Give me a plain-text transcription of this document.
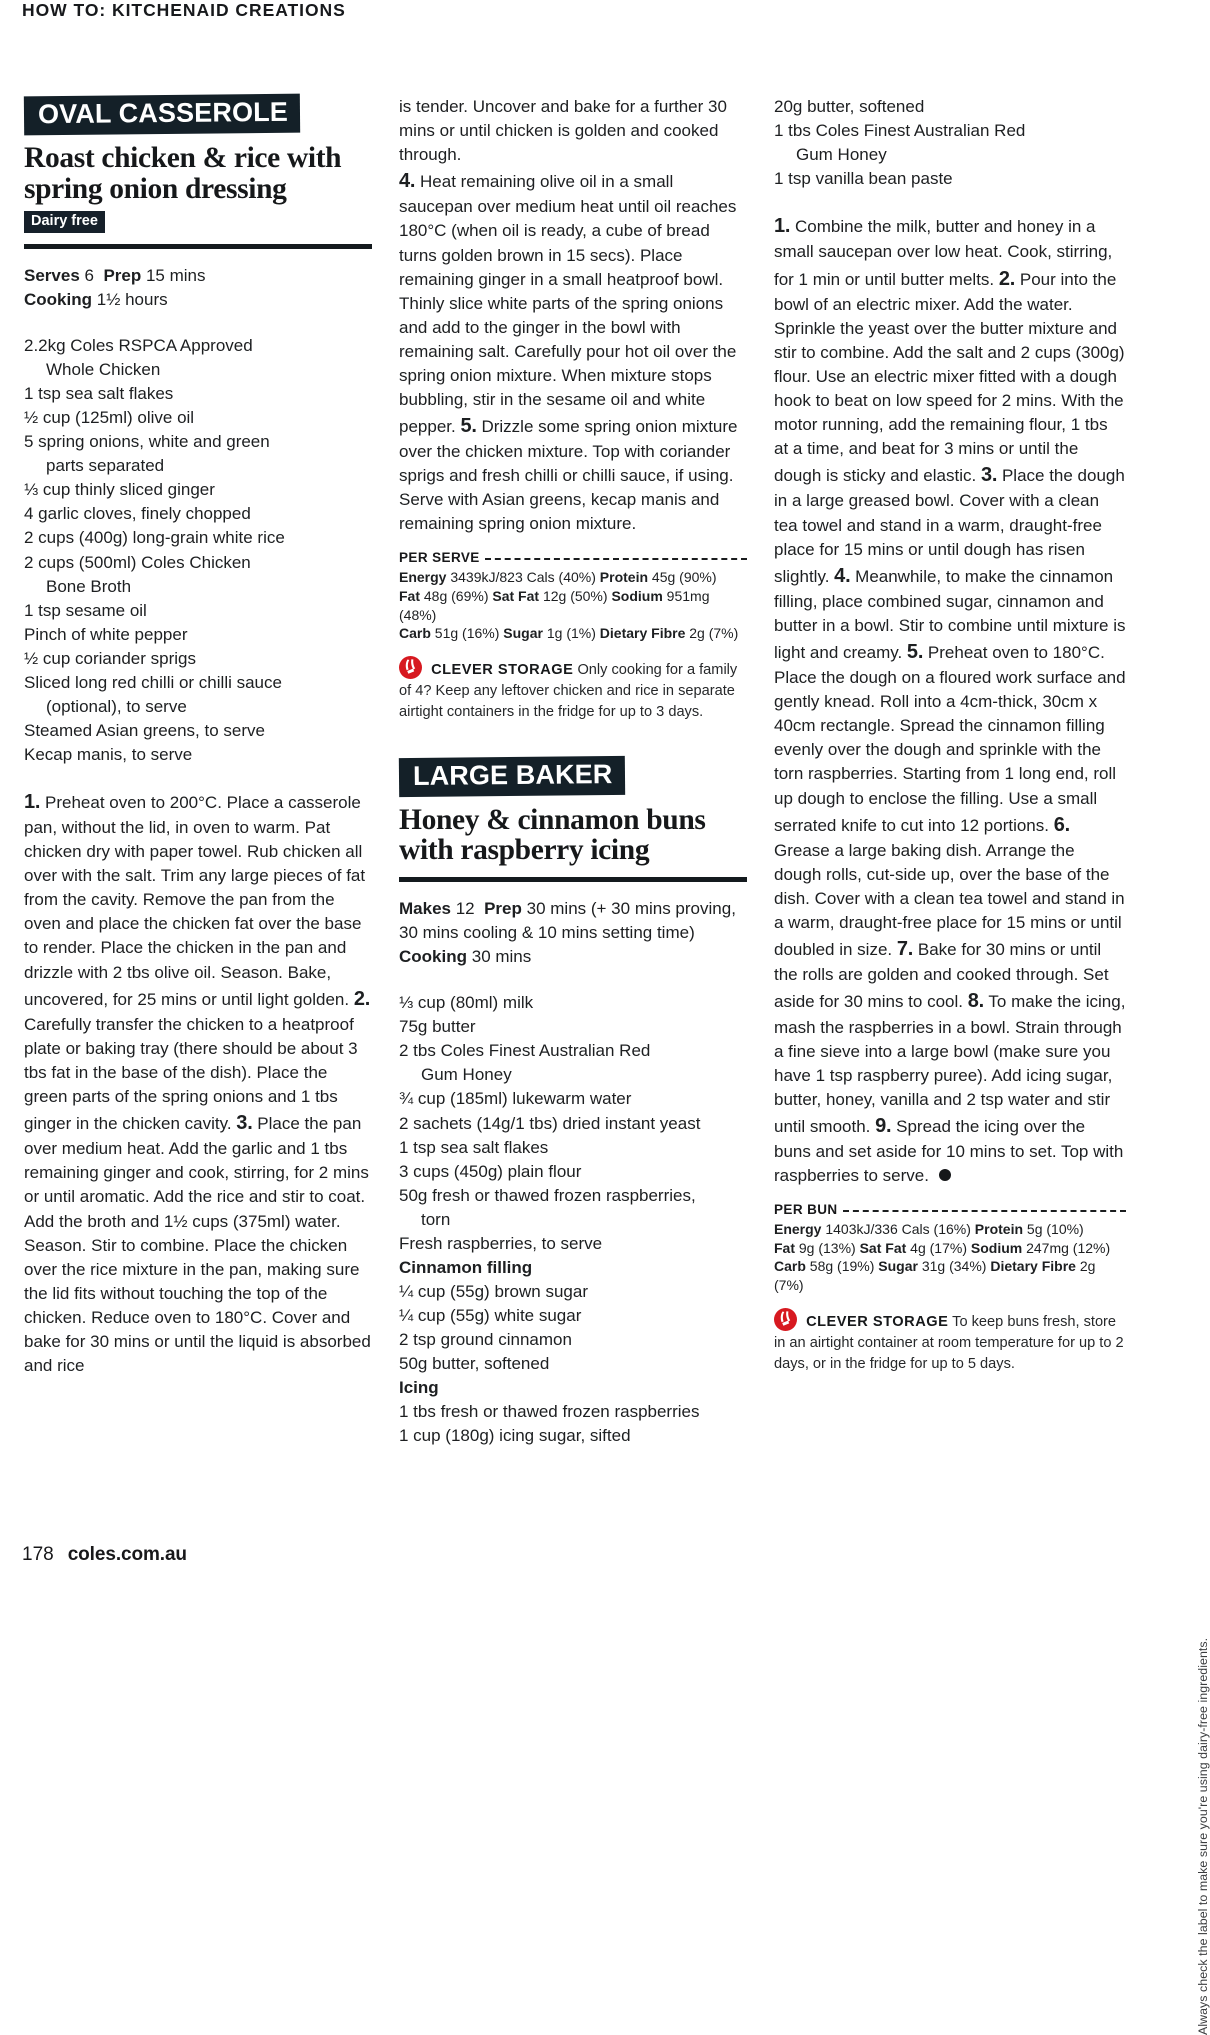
HOW TO: KITCHENAID CREATIONS
OVAL CASSEROLE
Roast chicken & rice with spring onion dressing
Dairy free
Serves 6 Prep 15 mins
Cooking 1½ hours
2.2kg Coles RSPCA Approved
Whole Chicken
1 tsp sea salt flakes
½ cup (125ml) olive oil
5 spring onions, white and green
parts separated
⅓ cup thinly sliced ginger
4 garlic cloves, finely chopped
2 cups (400g) long-grain white rice
2 cups (500ml) Coles Chicken
Bone Broth
1 tsp sesame oil
Pinch of white pepper
½ cup coriander sprigs
Sliced long red chilli or chilli sauce
(optional), to serve
Steamed Asian greens, to serve
Kecap manis, to serve
1. Preheat oven to 200°C. Place a casserole pan, without the lid, in oven to warm. Pat chicken dry with paper towel. Rub chicken all over with the salt. Trim any large pieces of fat from the cavity. Remove the pan from the oven and place the chicken fat over the base to render. Place the chicken in the pan and drizzle with 2 tbs olive oil. Season. Bake, uncovered, for 25 mins or until light golden. 2. Carefully transfer the chicken to a heatproof plate or baking tray (there should be about 3 tbs fat in the base of the dish). Place the green parts of the spring onions and 1 tbs ginger in the chicken cavity. 3. Place the pan over medium heat. Add the garlic and 1 tbs remaining ginger and cook, stirring, for 2 mins or until aromatic. Add the rice and stir to coat. Add the broth and 1½ cups (375ml) water. Season. Stir to combine. Place the chicken over the rice mixture in the pan, making sure the lid fits without touching the top of the chicken. Reduce oven to 180°C. Cover and bake for 30 mins or until the liquid is absorbed and rice
is tender. Uncover and bake for a further 30 mins or until chicken is golden and cooked through.
4. Heat remaining olive oil in a small saucepan over medium heat until oil reaches 180°C (when oil is ready, a cube of bread turns golden brown in 15 secs). Place remaining ginger in a small heatproof bowl. Thinly slice white parts of the spring onions and add to the ginger in the bowl with remaining salt. Carefully pour hot oil over the spring onion mixture. When mixture stops bubbling, stir in the sesame oil and white pepper. 5. Drizzle some spring onion mixture over the chicken mixture. Top with coriander sprigs and fresh chilli or chilli sauce, if using. Serve with Asian greens, kecap manis and remaining spring onion mixture.
PER SERVE
Energy 3439kJ/823 Cals (40%) Protein 45g (90%)
Fat 48g (69%) Sat Fat 12g (50%) Sodium 951mg (48%)
Carb 51g (16%) Sugar 1g (1%) Dietary Fibre 2g (7%)
CLEVER STORAGE Only cooking for a family of 4? Keep any leftover chicken and rice in separate airtight containers in the fridge for up to 3 days.
LARGE BAKER
Honey & cinnamon buns with raspberry icing
Makes 12 Prep 30 mins (+ 30 mins proving, 30 mins cooling & 10 mins setting time)  Cooking 30 mins
⅓ cup (80ml) milk
75g butter
2 tbs Coles Finest Australian Red
Gum Honey
¾ cup (185ml) lukewarm water
2 sachets (14g/1 tbs) dried instant yeast
1 tsp sea salt flakes
3 cups (450g) plain flour
50g fresh or thawed frozen raspberries,
torn
Fresh raspberries, to serve
Cinnamon filling
¼ cup (55g) brown sugar
¼ cup (55g) white sugar
2 tsp ground cinnamon
50g butter, softened
Icing
1 tbs fresh or thawed frozen raspberries
1 cup (180g) icing sugar, sifted
20g butter, softened
1 tbs Coles Finest Australian Red
Gum Honey
1 tsp vanilla bean paste
1. Combine the milk, butter and honey in a small saucepan over low heat. Cook, stirring, for 1 min or until butter melts. 2. Pour into the bowl of an electric mixer. Add the water. Sprinkle the yeast over the butter mixture and stir to combine. Add the salt and 2 cups (300g) flour. Use an electric mixer fitted with a dough hook to beat on low speed for 2 mins. With the motor running, add the remaining flour, 1 tbs at a time, and beat for 3 mins or until the dough is sticky and elastic. 3. Place the dough in a large greased bowl. Cover with a clean tea towel and stand in a warm, draught-free place for 15 mins or until dough has risen slightly. 4. Meanwhile, to make the cinnamon filling, place combined sugar, cinnamon and butter in a bowl. Stir to combine until mixture is light and creamy. 5. Preheat oven to 180°C. Place the dough on a floured work surface and gently knead. Roll into a 4cm-thick, 30cm x 40cm rectangle. Spread the cinnamon filling evenly over the dough and sprinkle with the torn raspberries. Starting from 1 long end, roll up dough to enclose the filling. Use a small serrated knife to cut into 12 portions. 6. Grease a large baking dish. Arrange the dough rolls, cut-side up, over the base of the dish. Cover with a clean tea towel and stand in a warm, draught-free place for 15 mins or until doubled in size. 7. Bake for 30 mins or until the rolls are golden and cooked through. Set aside for 30 mins to cool. 8. To make the icing, mash the raspberries in a bowl. Strain through a fine sieve into a large bowl (make sure you have 1 tsp raspberry puree). Add icing sugar, butter, honey, vanilla and 2 tsp water and stir until smooth. 9. Spread the icing over the buns and set aside for 10 mins to set. Top with raspberries to serve.
PER BUN
Energy 1403kJ/336 Cals (16%) Protein 5g (10%)
Fat 9g (13%) Sat Fat 4g (17%) Sodium 247mg (12%)
Carb 58g (19%) Sugar 31g (34%) Dietary Fibre 2g (7%)
CLEVER STORAGE To keep buns fresh, store in an airtight container at room temperature for up to 2 days, or in the fridge for up to 5 days.
Always check the label to make sure you're using dairy-free ingredients.
178 coles.com.au
